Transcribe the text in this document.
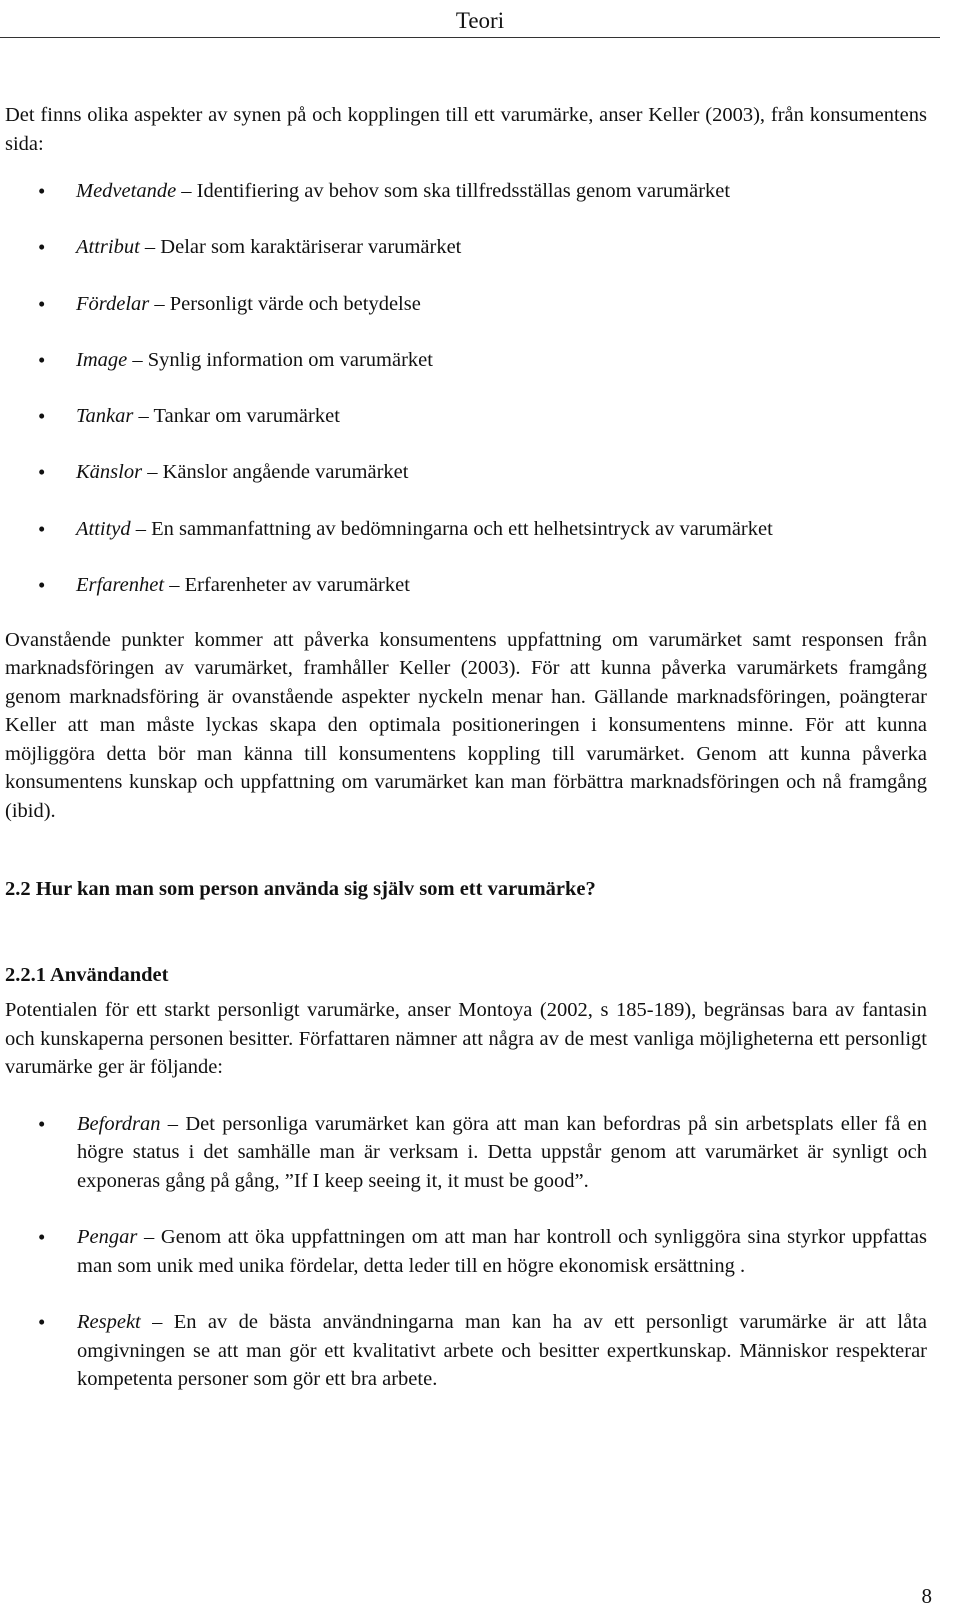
Teori

Det finns olika aspekter av synen på och kopplingen till ett varumärke, anser Keller (2003), från konsumentens sida:

• Medvetande – Identifiering av behov som ska tillfredsställas genom varumärket
• Attribut – Delar som karaktäriserar varumärket
• Fördelar – Personligt värde och betydelse
• Image – Synlig information om varumärket
• Tankar – Tankar om varumärket
• Känslor – Känslor angående varumärket
• Attityd – En sammanfattning av bedömningarna och ett helhetsintryck av varumärket
• Erfarenhet – Erfarenheter av varumärket

Ovanstående punkter kommer att påverka konsumentens uppfattning om varumärket samt responsen från marknadsföringen av varumärket, framhåller Keller (2003). För att kunna påverka varumärkets framgång genom marknadsföring är ovanstående aspekter nyckeln menar han. Gällande marknadsföringen, poängterar Keller att man måste lyckas skapa den optimala positioneringen i konsumentens minne. För att kunna möjliggöra detta bör man känna till konsumentens koppling till varumärket. Genom att kunna påverka konsumentens kunskap och uppfattning om varumärket kan man förbättra marknadsföringen och nå framgång (ibid).

2.2 Hur kan man som person använda sig själv som ett varumärke?
2.2.1 Användandet

Potentialen för ett starkt personligt varumärke, anser Montoya (2002, s 185-189), begränsas bara av fantasin och kunskaperna personen besitter. Författaren nämner att några av de mest vanliga möjligheterna ett personligt varumärke ger är följande:

• Befordran – Det personliga varumärket kan göra att man kan befordras på sin arbetsplats eller få en högre status i det samhälle man är verksam i. Detta uppstår genom att varumärket är synligt och exponeras gång på gång, ”If I keep seeing it, it must be good”.
• Pengar – Genom att öka uppfattningen om att man har kontroll och synliggöra sina styrkor uppfattas man som unik med unika fördelar, detta leder till en högre ekonomisk ersättning .
• Respekt – En av de bästa användningarna man kan ha av ett personligt varumärke är att låta omgivningen se att man gör ett kvalitativt arbete och besitter expertkunskap. Människor respekterar kompetenta personer som gör ett bra arbete.
8
